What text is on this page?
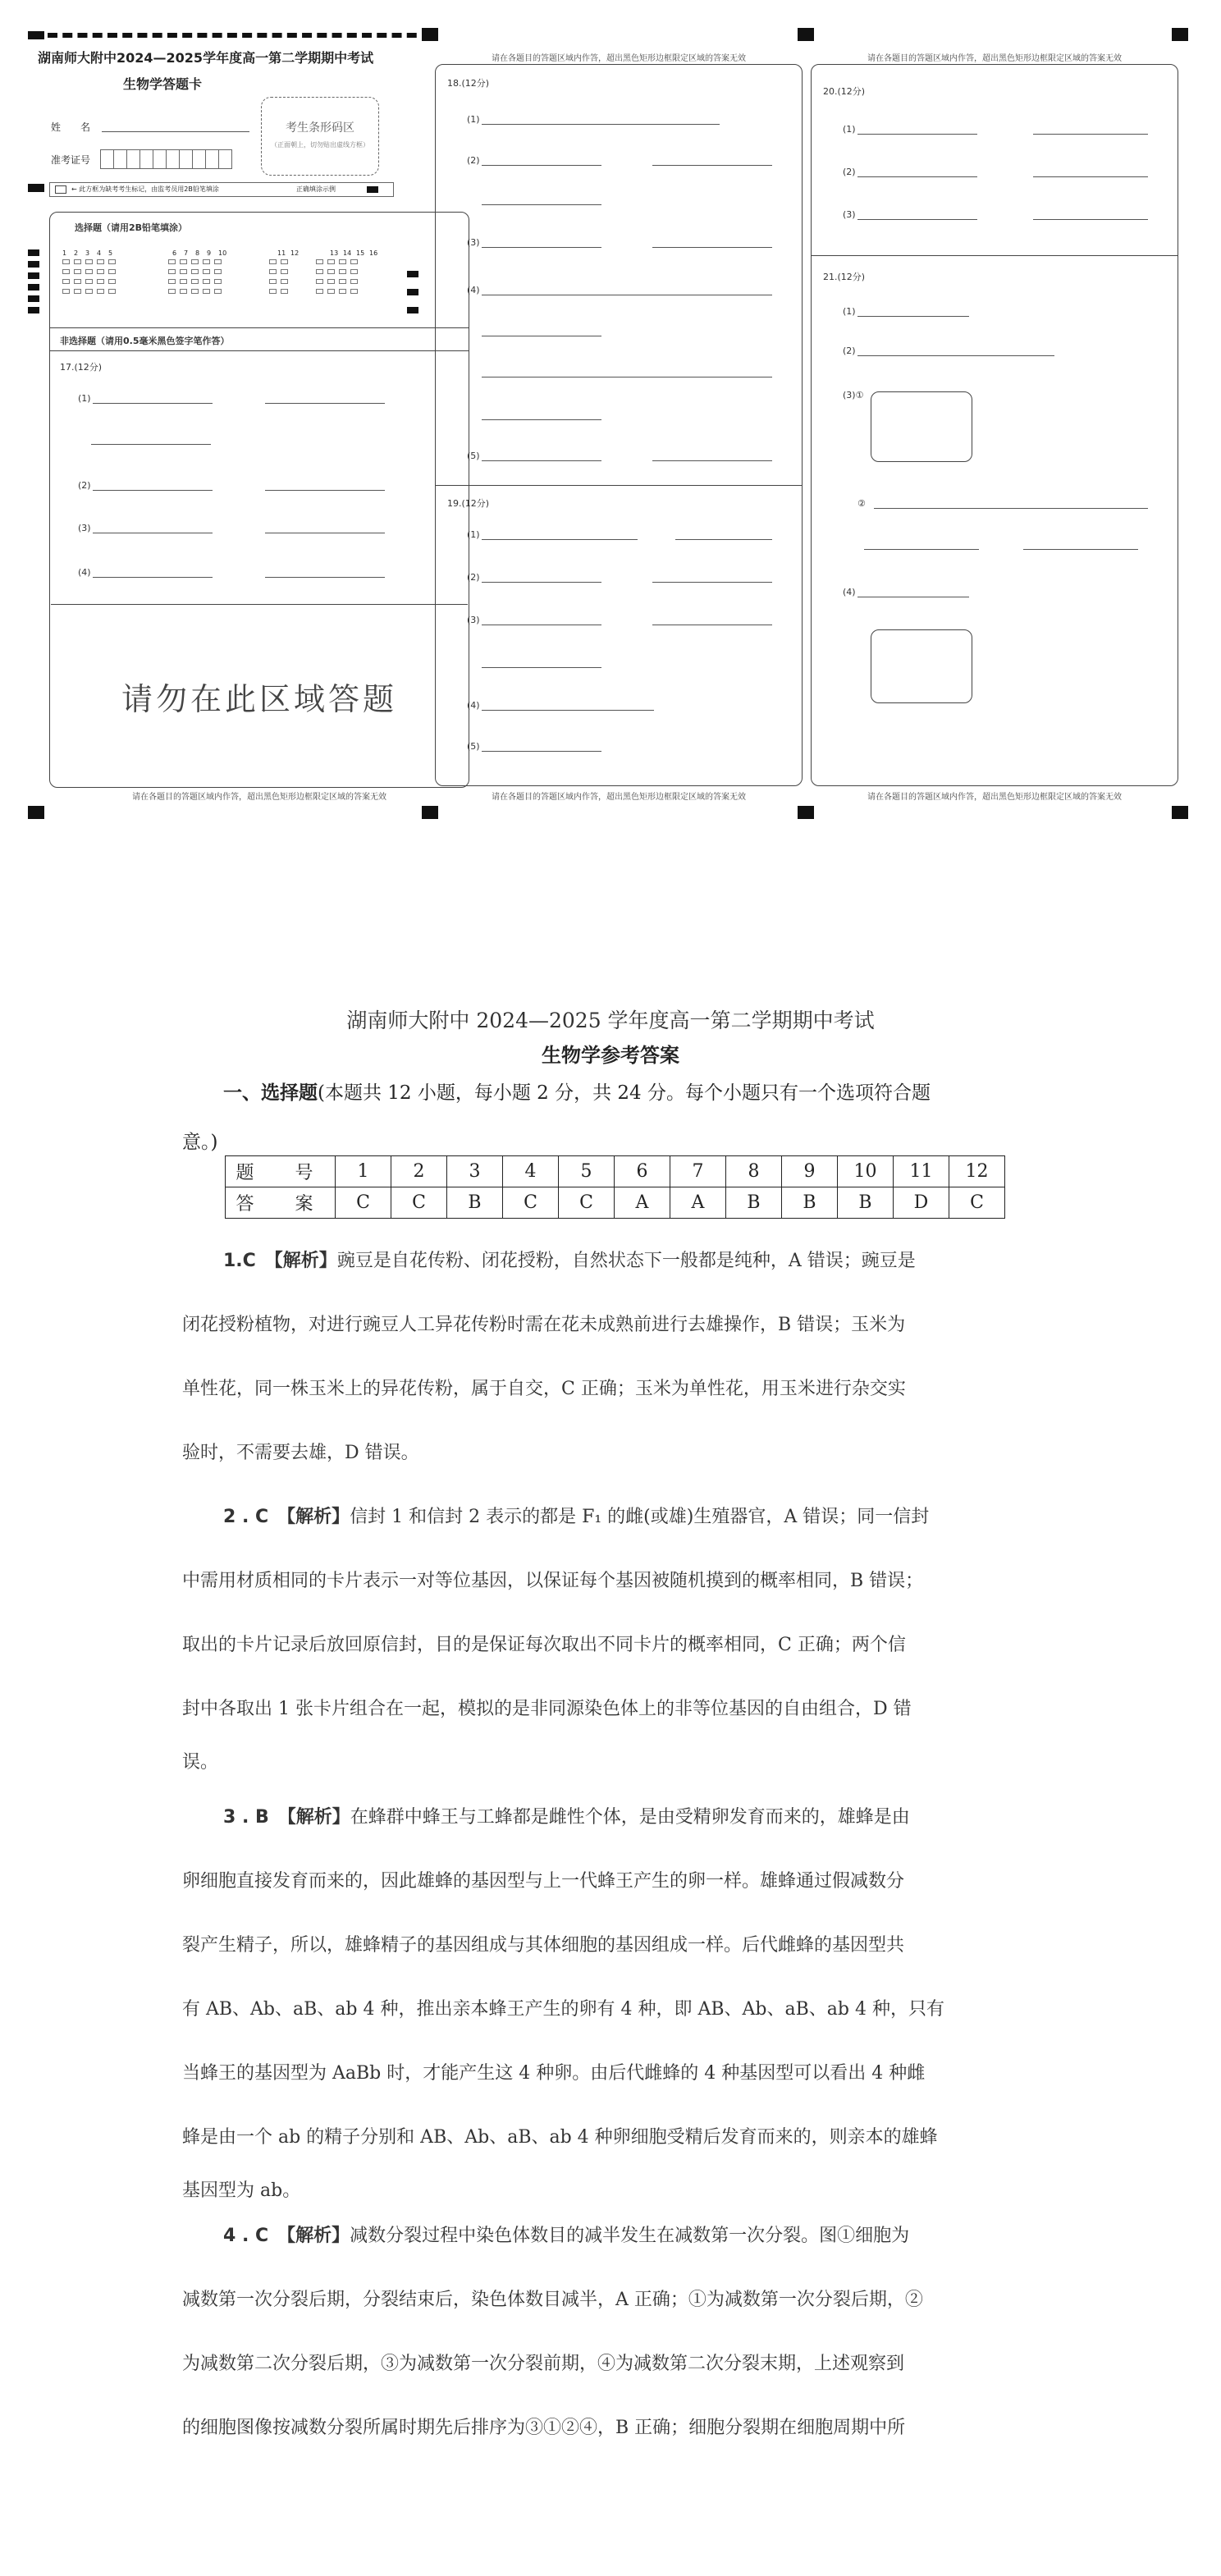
湖南师大附中2024—2025学年度高一第二学期期中考试
生物学答题卡
姓　　名
准考证号
考生条形码区
（正面朝上，切勿贴出虚线方框）
← 此方框为缺考考生标记，由监考员用2B铅笔填涂	正确填涂示例
选择题（请用2B铅笔填涂）
非选择题（请用0.5毫米黑色签字笔作答）
17.(12分)
(1)
(2)
(3)
(4)
1 2 3 4 5	6 7 8 9 10	11 12	13 14 15 16
请勿在此区域答题
请在各题目的答题区域内作答，超出黑色矩形边框限定区域的答案无效
请在各题目的答题区域内作答，超出黑色矩形边框限定区域的答案无效
18.(12分)
(1)
(2)
(3)
(4)
(5)
19.(12分)
(1)
(2)
(3)
(4)
(5)
请在各题目的答题区域内作答，超出黑色矩形边框限定区域的答案无效
请在各题目的答题区域内作答，超出黑色矩形边框限定区域的答案无效
20.(12分)
(1)
(2)
(3)
21.(12分)
(1)
(2)
(3)①
②
(4)
请在各题目的答题区域内作答，超出黑色矩形边框限定区域的答案无效
湖南师大附中 2024—2025 学年度高一第二学期期中考试
生物学参考答案
一、选择题(本题共 12 小题，每小题 2 分，共 24 分。每个小题只有一个选项符合题
意。)
题　号	1	2	3	4	5	6	7	8	9	10	11	12
答　案	C	C	B	C	C	A	A	B	B	B	D	C
1.C　【解析】豌豆是自花传粉、闭花授粉，自然状态下一般都是纯种，A 错误；豌豆是
闭花授粉植物，对进行豌豆人工异花传粉时需在花未成熟前进行去雄操作，B 错误；玉米为
单性花，同一株玉米上的异花传粉，属于自交，C 正确；玉米为单性花，用玉米进行杂交实
验时，不需要去雄，D 错误。
2 . C　【解析】信封 1 和信封 2 表示的都是 F₁ 的雌(或雄)生殖器官，A 错误；同一信封
中需用材质相同的卡片表示一对等位基因，以保证每个基因被随机摸到的概率相同，B 错误；
取出的卡片记录后放回原信封，目的是保证每次取出不同卡片的概率相同，C 正确；两个信
封中各取出 1 张卡片组合在一起，模拟的是非同源染色体上的非等位基因的自由组合，D 错
误。
3 . B　【解析】在蜂群中蜂王与工蜂都是雌性个体，是由受精卵发育而来的，雄蜂是由
卵细胞直接发育而来的，因此雄蜂的基因型与上一代蜂王产生的卵一样。雄蜂通过假减数分
裂产生精子，所以，雄蜂精子的基因组成与其体细胞的基因组成一样。后代雌蜂的基因型共
有 AB、Ab、aB、ab 4 种，推出亲本蜂王产生的卵有 4 种，即 AB、Ab、aB、ab 4 种，只有
当蜂王的基因型为 AaBb 时，才能产生这 4 种卵。由后代雌蜂的 4 种基因型可以看出 4 种雌
蜂是由一个 ab 的精子分别和 AB、Ab、aB、ab 4 种卵细胞受精后发育而来的，则亲本的雄蜂
基因型为 ab。
4 . C　【解析】减数分裂过程中染色体数目的减半发生在减数第一次分裂。图①细胞为
减数第一次分裂后期，分裂结束后，染色体数目减半，A 正确；①为减数第一次分裂后期，②
为减数第二次分裂后期，③为减数第一次分裂前期，④为减数第二次分裂末期，上述观察到
的细胞图像按减数分裂所属时期先后排序为③①②④，B 正确；细胞分裂期在细胞周期中所
